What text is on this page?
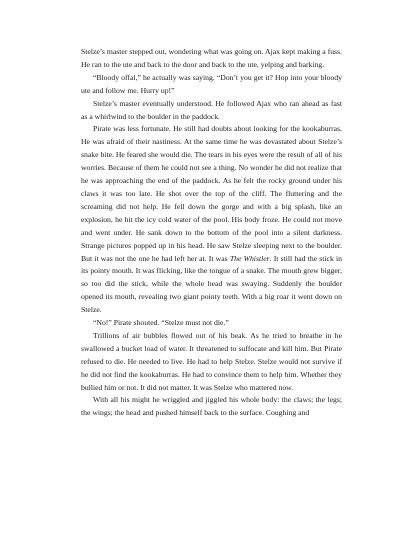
Stelze’s master stepped out, wondering what was going on. Ajax kept making a fuss. He ran to the ute and back to the door and back to the ute, yelping and barking.

“Bloody offal,” he actually was saying. “Don’t you get it? Hop into your bloody ute and follow me. Hurry up!”

Stelze’s master eventually understood. He followed Ajax who ran ahead as fast as a whirlwind to the boulder in the paddock.

Pirate was less fortunate. He still had doubts about looking for the kookaburras. He was afraid of their nastiness. At the same time he was devastated about Stelze’s snake bite. He feared she would die. The tears in his eyes were the result of all of his worries. Because of them he could not see a thing. No wonder he did not realize that he was approaching the end of the paddock. As he felt the rocky ground under his claws it was too late. He shot over the top of the cliff. The fluttering and the screaming did not help. He fell down the gorge and with a big splash, like an explosion, he hit the icy cold water of the pool. His body froze. He could not move and went under. He sank down to the bottom of the pool into a silent darkness. Strange pictures popped up in his head. He saw Stelze sleeping next to the boulder. But it was not the one he had left her at. It was The Whistler. It still had the stick in its pointy mouth. It was flicking, like the tongue of a snake. The mouth grew bigger, so too did the stick, while the whole head was swaying. Suddenly the boulder opened its mouth, revealing two giant pointy teeth. With a big roar it went down on Stelze.

“No!” Pirate shouted. “Stelze must not die.”

Trillions of air bubbles flowed out of his beak. As he tried to breathe in he swallowed a bucket load of water. It threatened to suffocate and kill him. But Pirate refused to die. He needed to live. He had to help Stelze. Stelze would not survive if he did not find the kookaburras. He had to convince them to help him. Whether they bullied him or not. It did not matter. It was Stelze who mattered now.

With all his might he wriggled and jiggled his whole body: the claws; the legs; the wings; the head and pushed himself back to the surface. Coughing and
